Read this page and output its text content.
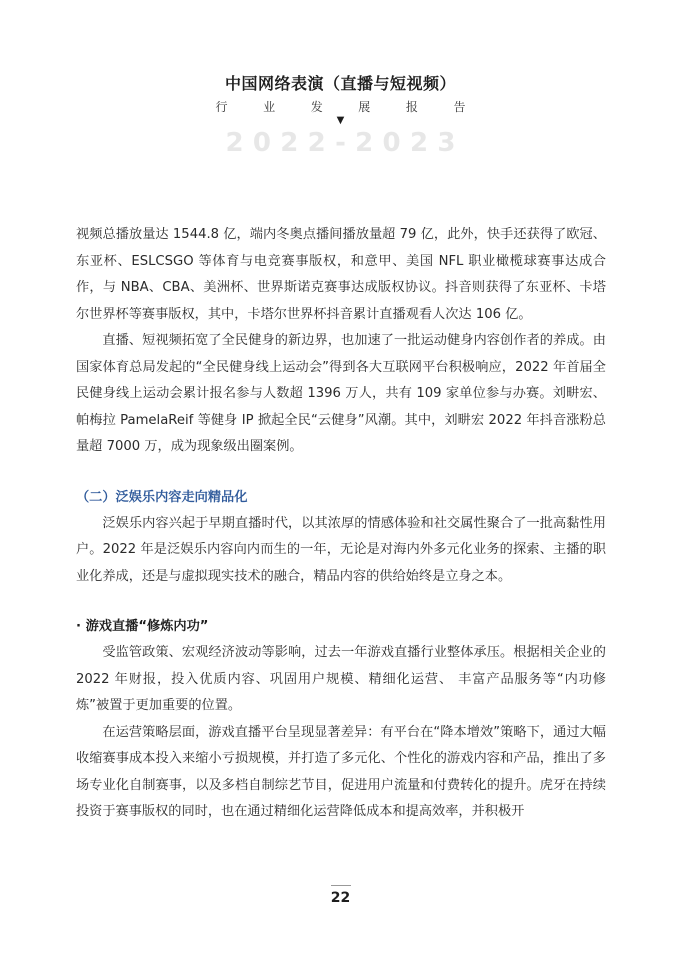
中国网络表演（直播与短视频）
行	业	发	展	报	告
▼
2 0 2 2 - 2 0 2 3

视频总播放量达 1544.8 亿，端内冬奥点播间播放量超 79 亿，此外，快手还获得了欧冠、东亚杯、ESLCSGO 等体育与电竞赛事版权，和意甲、美国 NFL 职业橄榄球赛事达成合作，与 NBA、CBA、美洲杯、世界斯诺克赛事达成版权协议。抖音则获得了东亚杯、卡塔尔世界杯等赛事版权，其中，卡塔尔世界杯抖音累计直播观看人次达 106 亿。

直播、短视频拓宽了全民健身的新边界，也加速了一批运动健身内容创作者的养成。由国家体育总局发起的“全民健身线上运动会”得到各大互联网平台积极响应，2022 年首届全民健身线上运动会累计报名参与人数超 1396 万人，共有 109 家单位参与办赛。刘畊宏、帕梅拉 PamelaReif 等健身 IP 掀起全民“云健身”风潮。其中，刘畊宏 2022 年抖音涨粉总量超 7000 万，成为现象级出圈案例。

（二）泛娱乐内容走向精品化

泛娱乐内容兴起于早期直播时代，以其浓厚的情感体验和社交属性聚合了一批高黏性用户。2022 年是泛娱乐内容向内而生的一年，无论是对海内外多元化业务的探索、主播的职业化养成，还是与虚拟现实技术的融合，精品内容的供给始终是立身之本。

· 游戏直播“修炼内功”

受监管政策、宏观经济波动等影响，过去一年游戏直播行业整体承压。根据相关企业的 2022 年财报，投入优质内容、巩固用户规模、精细化运营、 丰富产品服务等“内功修炼”被置于更加重要的位置。

在运营策略层面，游戏直播平台呈现显著差异：有平台在“降本增效”策略下，通过大幅收缩赛事成本投入来缩小亏损规模，并打造了多元化、个性化的游戏内容和产品，推出了多场专业化自制赛事，以及多档自制综艺节目，促进用户流量和付费转化的提升。虎牙在持续投资于赛事版权的同时，也在通过精细化运营降低成本和提高效率，并积极开

22
